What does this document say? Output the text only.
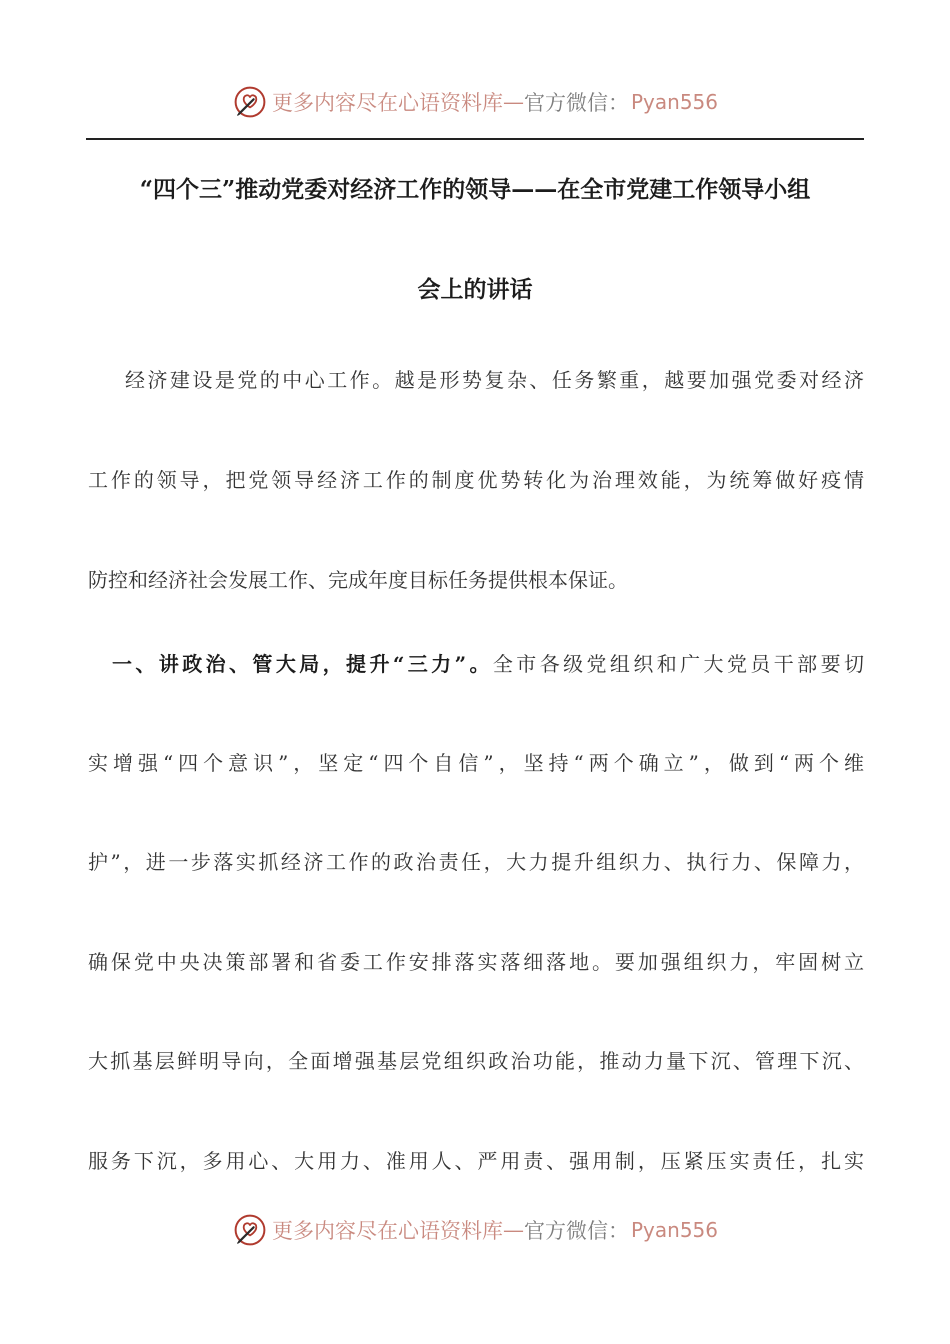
更多内容尽在心语资料库 — 官方微信： Pyan556
“四个三”推动党委对经济工作的领导——在全市党建工作领导小组
会上的讲话

经济建设是党的中心工作。越是形势复杂、任务繁重，越要加强党委对经济

工作的领导，把党领导经济工作的制度优势转化为治理效能，为统筹做好疫情

防控和经济社会发展工作、完成年度目标任务提供根本保证。

一、讲政治、管大局，提升“三力”。全市各级党组织和广大党员干部要切

实增强“四个意识”，坚定“四个自信”，坚持“两个确立”，做到“两个维

护”，进一步落实抓经济工作的政治责任，大力提升组织力、执行力、保障力，

确保党中央决策部署和省委工作安排落实落细落地。要加强组织力，牢固树立

大抓基层鲜明导向，全面增强基层党组织政治功能，推动力量下沉、管理下沉、

服务下沉，多用心、大用力、准用人、严用责、强用制，压紧压实责任，扎实

更多内容尽在心语资料库 — 官方微信： Pyan556
